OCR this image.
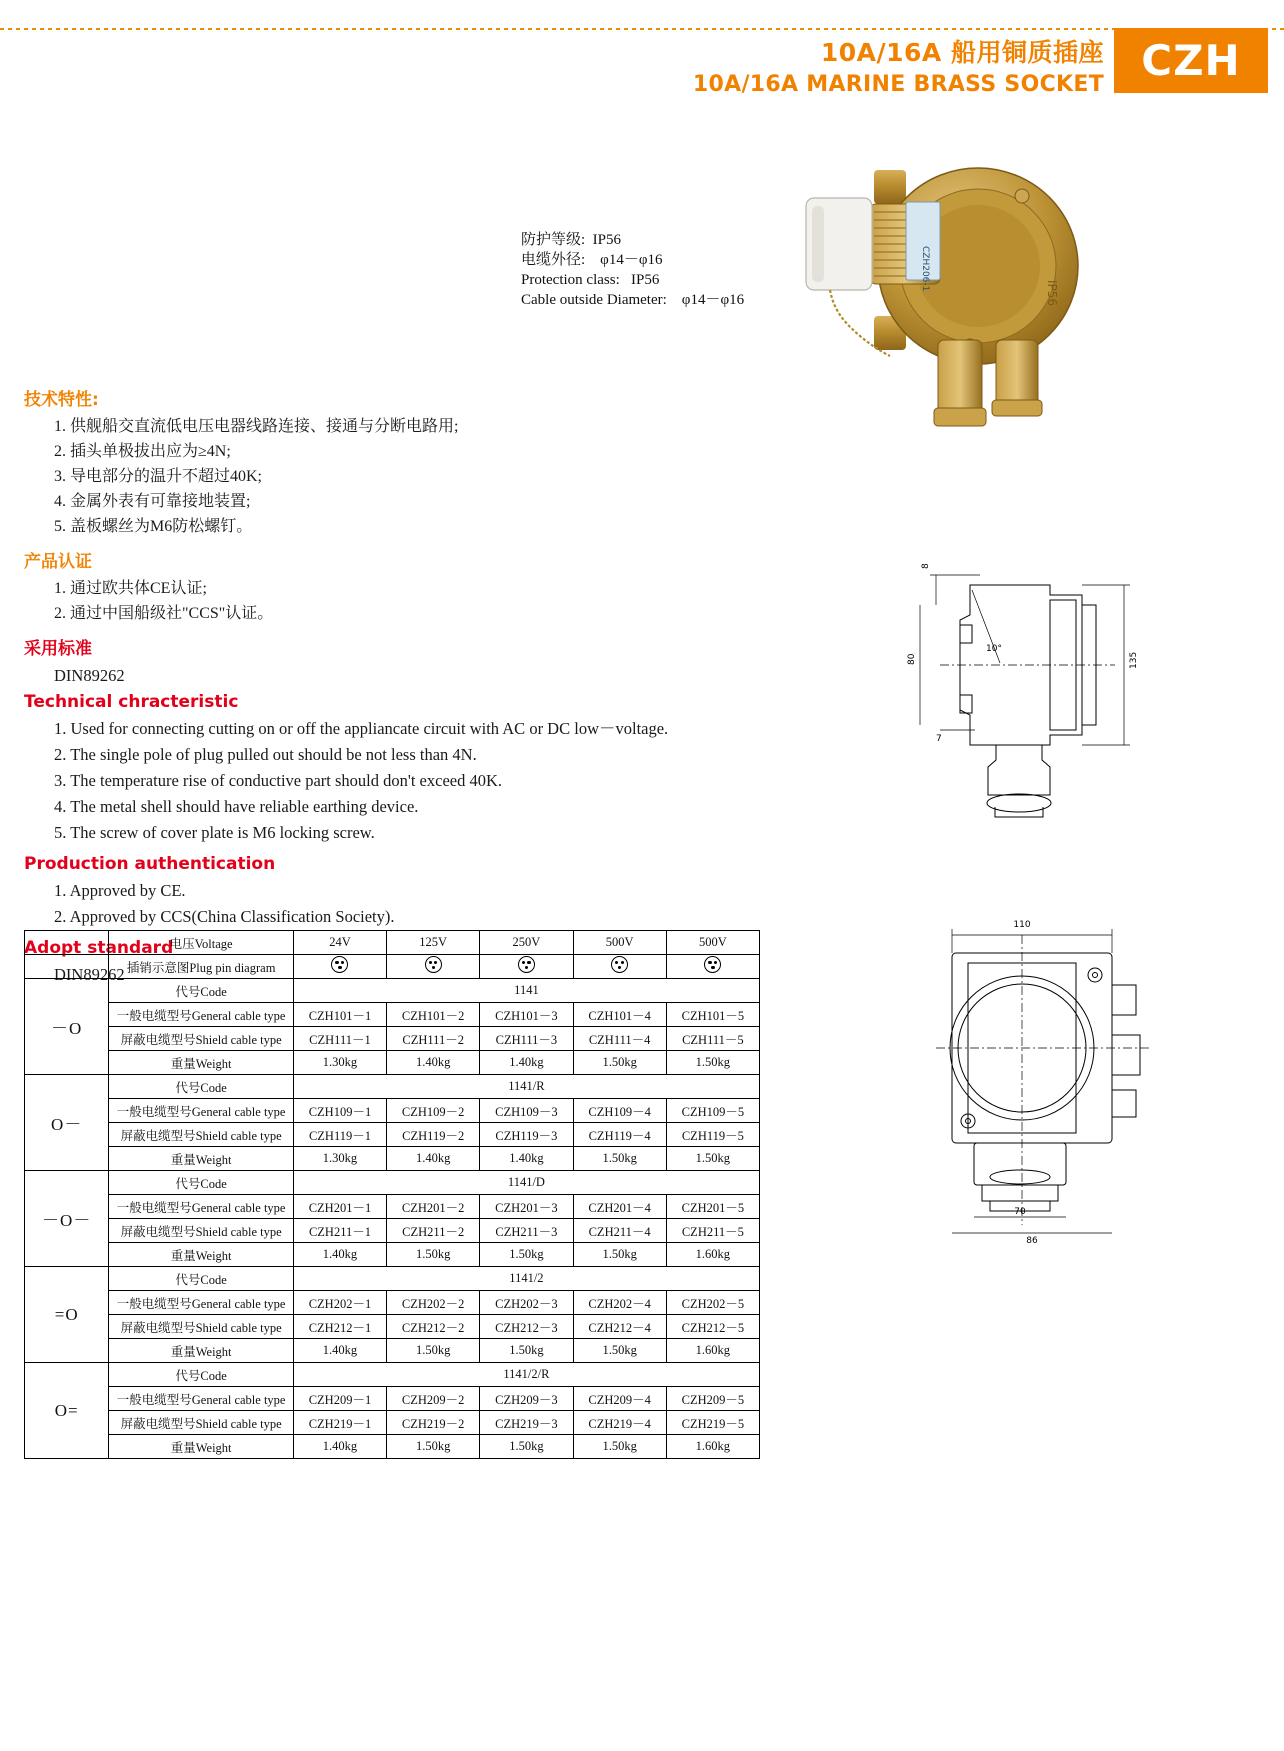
10A/16A 船用铜质插座
10A/16A MARINE BRASS SOCKET CZH
防护等级:  IP56
电缆外径:    φ14－φ16
Protection class:   IP56
Cable outside Diameter:    φ14－φ16
CZH206-1
IP56
技术特性:
1. 供舰船交直流低电压电器线路连接、接通与分断电路用;
2. 插头单极拔出应为≥4N;
3. 导电部分的温升不超过40K;
4. 金属外表有可靠接地装置;
5. 盖板螺丝为M6防松螺钉。
产品认证
1. 通过欧共体CE认证;
2. 通过中国船级社"CCS"认证。
采用标准
DIN89262
Technical chracteristic
1. Used for connecting cutting on or off the appliancate circuit with AC or DC low－voltage.
2. The single pole of plug pulled out should be not less than 4N.
3. The temperature rise of conductive part should don't exceed 40K.
4. The metal shell should have reliable earthing device.
5. The screw of cover plate is M6 locking screw.
Production authentication
1. Approved by CE.
2. Approved by CCS(China Classification Society).
Adopt standard
DIN89262
8
80
10°
7
135
110
70
86
	电压Voltage	24V	125V	250V	500V	500V
	插销示意图Plug pin diagram	

－O	代号Code	1141				
	一般电缆型号General cable type	CZH101－1	CZH101－2	CZH101－3	CZH101－4	CZH101－5
	屏蔽电缆型号Shield cable type	CZH111－1	CZH111－2	CZH111－3	CZH111－4	CZH111－5
	重量Weight	1.30kg	1.40kg	1.40kg	1.50kg	1.50kg
O－	代号Code	1141/R				
	一般电缆型号General cable type	CZH109－1	CZH109－2	CZH109－3	CZH109－4	CZH109－5
	屏蔽电缆型号Shield cable type	CZH119－1	CZH119－2	CZH119－3	CZH119－4	CZH119－5
	重量Weight	1.30kg	1.40kg	1.40kg	1.50kg	1.50kg
－O－	代号Code	1141/D				
	一般电缆型号General cable type	CZH201－1	CZH201－2	CZH201－3	CZH201－4	CZH201－5
	屏蔽电缆型号Shield cable type	CZH211－1	CZH211－2	CZH211－3	CZH211－4	CZH211－5
	重量Weight	1.40kg	1.50kg	1.50kg	1.50kg	1.60kg
=O	代号Code	1141/2				
	一般电缆型号General cable type	CZH202－1	CZH202－2	CZH202－3	CZH202－4	CZH202－5
	屏蔽电缆型号Shield cable type	CZH212－1	CZH212－2	CZH212－3	CZH212－4	CZH212－5
	重量Weight	1.40kg	1.50kg	1.50kg	1.50kg	1.60kg
O=	代号Code	1141/2/R				
	一般电缆型号General cable type	CZH209－1	CZH209－2	CZH209－3	CZH209－4	CZH209－5
	屏蔽电缆型号Shield cable type	CZH219－1	CZH219－2	CZH219－3	CZH219－4	CZH219－5
	重量Weight	1.40kg	1.50kg	1.50kg	1.50kg	1.60kg
